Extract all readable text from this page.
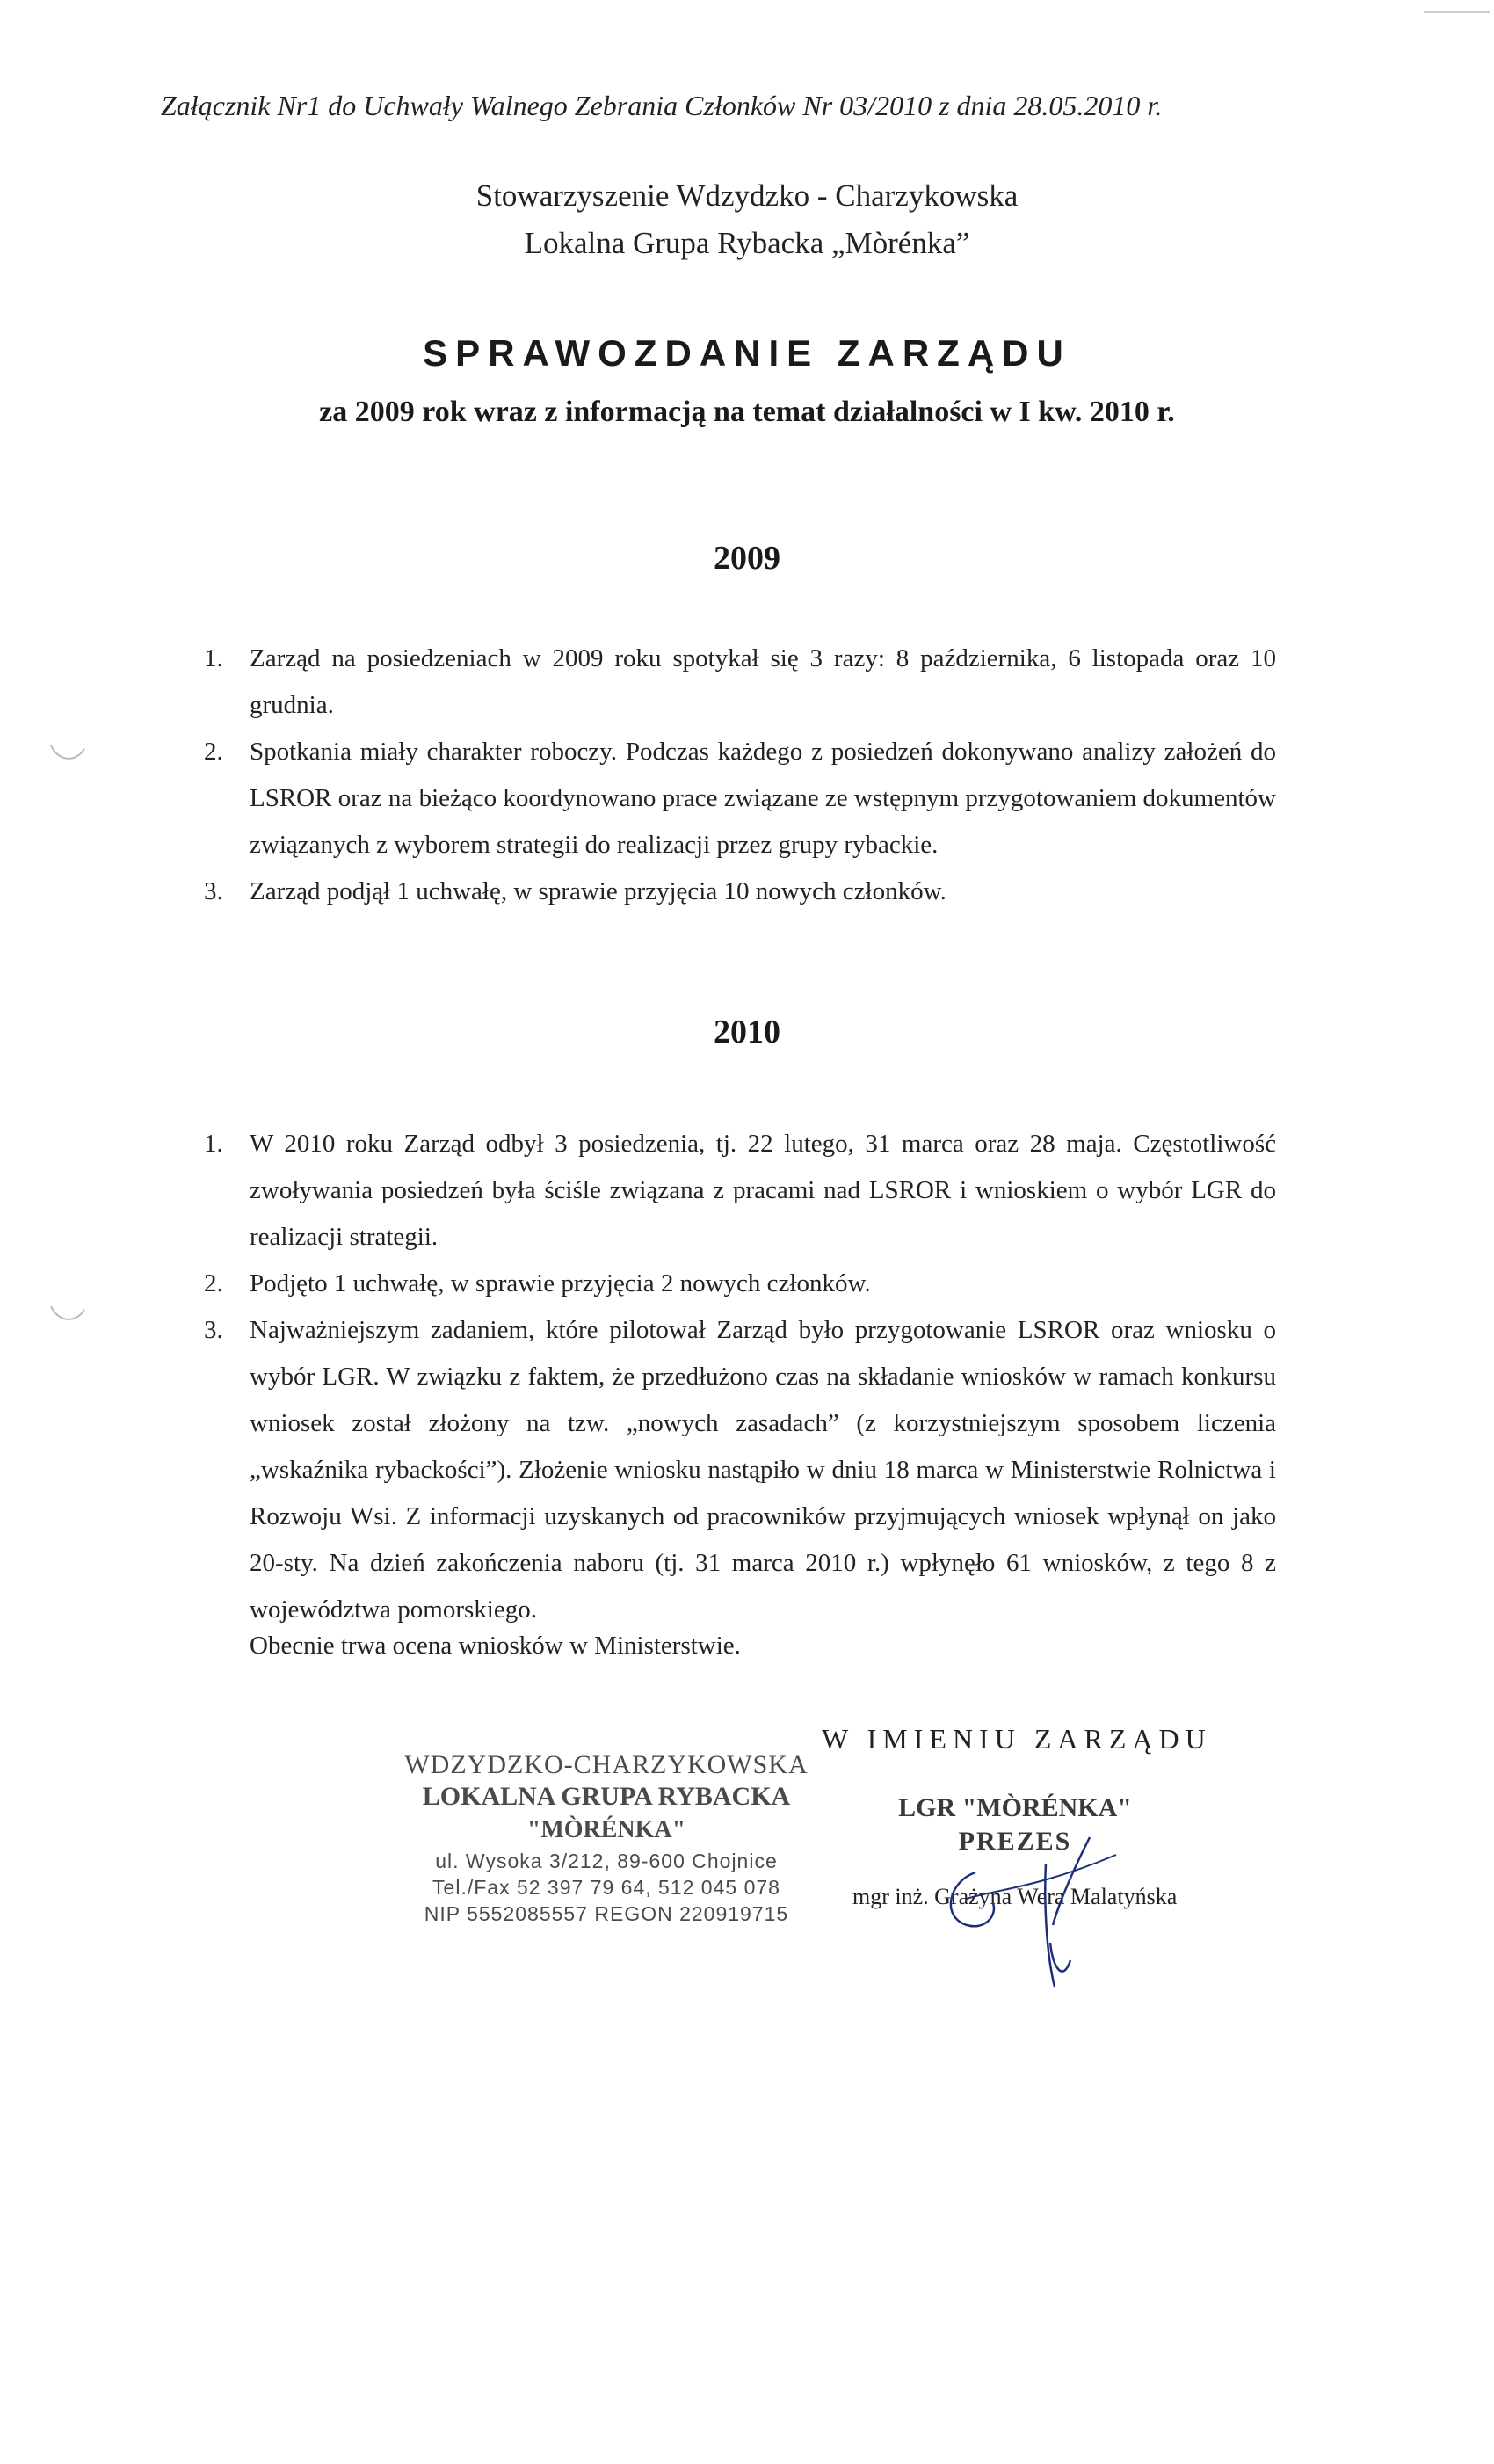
Załącznik Nr1 do Uchwały Walnego Zebrania Członków Nr 03/2010 z dnia 28.05.2010 r.
Stowarzyszenie Wdzydzko - Charzykowska
Lokalna Grupa Rybacka „Mòrénka”
SPRAWOZDANIE ZARZĄDU
za 2009 rok wraz z informacją na temat działalności w I kw. 2010 r.
2009
1. Zarząd na posiedzeniach w 2009 roku spotykał się 3 razy: 8 października, 6 listopada oraz 10 grudnia.
2. Spotkania miały charakter roboczy. Podczas każdego z posiedzeń dokonywano analizy założeń do LSROR oraz na bieżąco koordynowano prace związane ze wstępnym przygotowaniem dokumentów związanych z wyborem strategii do realizacji przez grupy rybackie.
3. Zarząd podjął 1 uchwałę, w sprawie przyjęcia 10 nowych członków.
2010
1. W 2010 roku Zarząd odbył 3 posiedzenia, tj. 22 lutego, 31 marca oraz 28 maja. Częstotliwość zwoływania posiedzeń była ściśle związana z pracami nad LSROR i wnioskiem o wybór LGR do realizacji strategii.
2. Podjęto 1 uchwałę, w sprawie przyjęcia 2 nowych członków.
3. Najważniejszym zadaniem, które pilotował Zarząd było przygotowanie LSROR oraz wniosku o wybór LGR. W związku z faktem, że przedłużono czas na składanie wniosków w ramach konkursu wniosek został złożony na tzw. „nowych zasadach” (z korzystniejszym sposobem liczenia „wskaźnika rybackości”). Złożenie wniosku nastąpiło w dniu 18 marca w Ministerstwie Rolnictwa i Rozwoju Wsi. Z informacji uzyskanych od pracowników przyjmujących wniosek wpłynął on jako 20-sty. Na dzień zakończenia naboru (tj. 31 marca 2010 r.) wpłynęło 61 wniosków, z tego 8 z województwa pomorskiego.
Obecnie trwa ocena wniosków w Ministerstwie.
W IMIENIU ZARZĄDU
WDZYDZKO-CHARZYKOWSKA
LOKALNA GRUPA RYBACKA
"MÒRÉNKA"
ul. Wysoka 3/212, 89-600 Chojnice
Tel./Fax 52 397 79 64, 512 045 078
NIP 5552085557 REGON 220919715
LGR "MÒRÉNKA"
PREZES
mgr inż. Grażyna Wera Malatyńska
